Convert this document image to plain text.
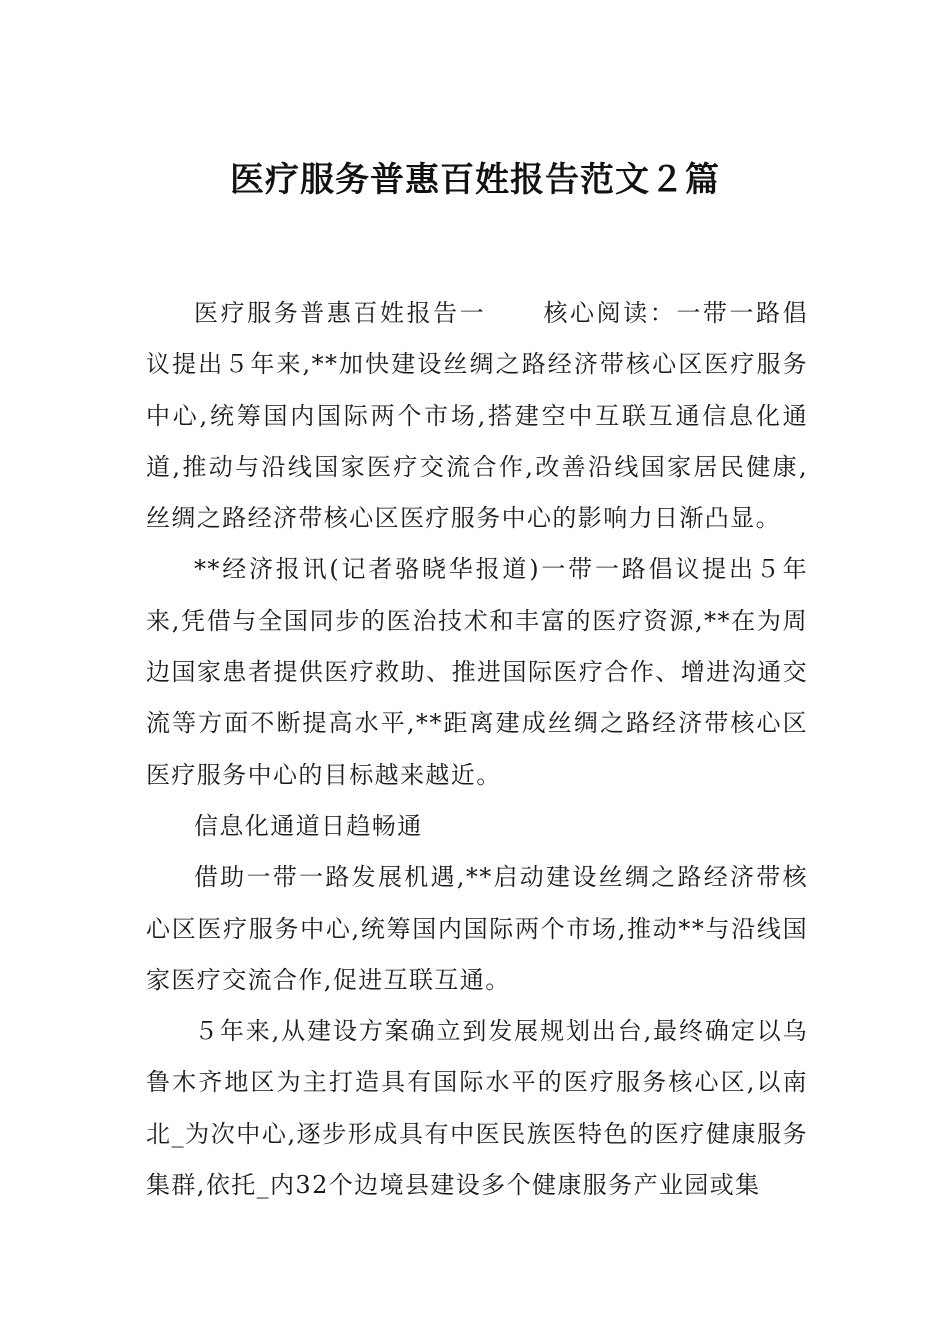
医疗服务普惠百姓报告范文２篇

医疗服务普惠百姓报告一 核心阅读：一带一路倡议提出５年来,**加快建设丝绸之路经济带核心区医疗服务中心,统筹国内国际两个市场,搭建空中互联互通信息化通道,推动与沿线国家医疗交流合作,改善沿线国家居民健康,丝绸之路经济带核心区医疗服务中心的影响力日渐凸显。

**经济报讯(记者骆晓华报道)一带一路倡议提出５年来,凭借与全国同步的医治技术和丰富的医疗资源,**在为周边国家患者提供医疗救助、推进国际医疗合作、增进沟通交流等方面不断提高水平,**距离建成丝绸之路经济带核心区医疗服务中心的目标越来越近。

信息化通道日趋畅通

借助一带一路发展机遇,**启动建设丝绸之路经济带核心区医疗服务中心,统筹国内国际两个市场,推动**与沿线国家医疗交流合作,促进互联互通。

５年来,从建设方案确立到发展规划出台,最终确定以乌鲁木齐地区为主打造具有国际水平的医疗服务核心区,以南北_为次中心,逐步形成具有中医民族医特色的医疗健康服务集群,依托_内32个边境县建设多个健康服务产业园或集
